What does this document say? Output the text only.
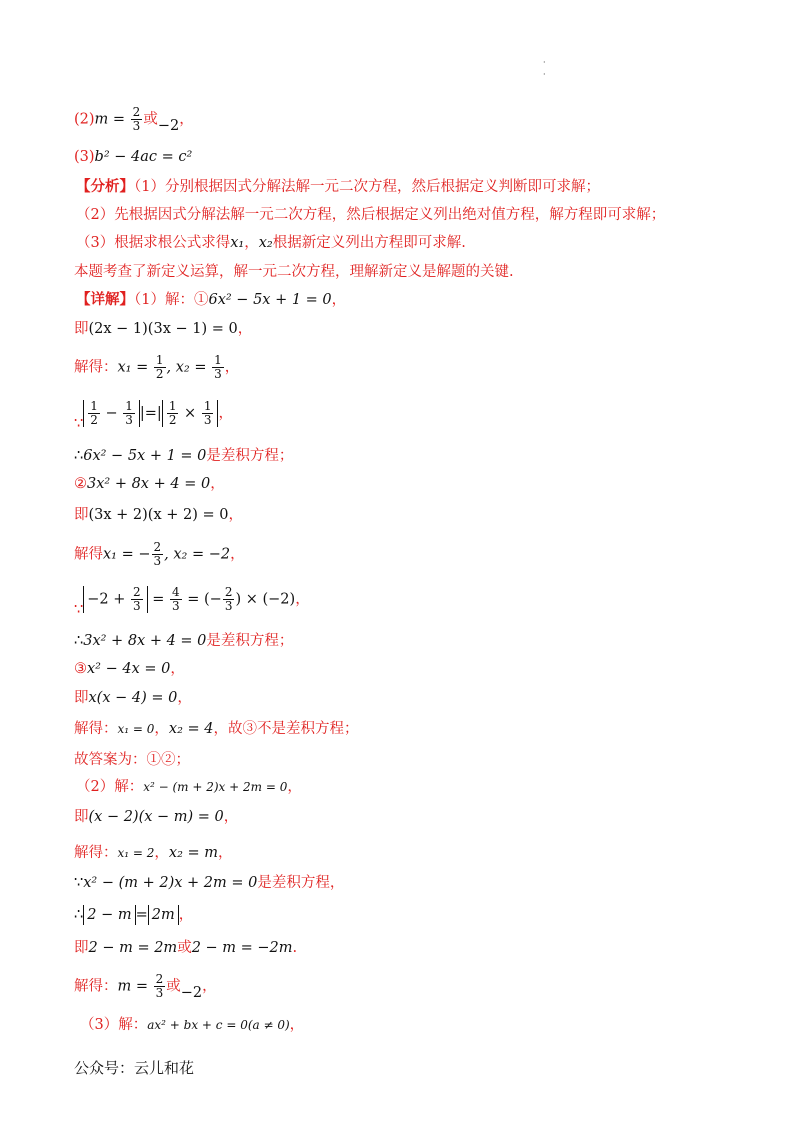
·
·
$(2)m = \frac{2}{3}$ 或−2，
(3)b² − 4ac = c²
【分析】（1）分别根据因式分解法解一元二次方程，然后根据定义判断即可求解；
（2）先根据因式分解法解一元二次方程，然后根据定义列出绝对值方程，解方程即可求解；
（3）根据求根公式求得x₁，x₂根据新定义列出方程即可求解.
本题考查了新定义运算，解一元二次方程，理解新定义是解题的关键.
【详解】（1）解：①6x² − 5x + 1 = 0，
即(2x − 1)(3x − 1) = 0，
解得：$x_1 = \frac{1}{2}$ , $x_2 = \frac{1}{3}$ ，
∵ $\frac{1}{2} - \frac{1}{3}$ |=| $\frac{1}{2} \times \frac{1}{3}$ ，
∴6x² − 5x + 1 = 0是差积方程；
②3x² + 8x + 4 = 0，
即(3x + 2)(x + 2) = 0，
解得x₁ = − $\frac{2}{3}$ , x₂ = −2，
∵−2 + $\frac{2}{3} = \frac{4}{3}$ = (− $\frac{2}{3}$ ) × (−2)，
∴3x² + 8x + 4 = 0是差积方程；
③x² − 4x = 0，
即x(x − 4) = 0，
解得：x₁ = 0，x₂ = 4，故③不是差积方程；
故答案为：①②；
（2）解：x² − (m + 2)x + 2m = 0，
即(x − 2)(x − m) = 0，
解得：x₁ = 2，x₂ = m，
∵x² − (m + 2)x + 2m = 0是差积方程，
∴ 2 − m = 2m ，
即2 − m = 2m或2 − m = −2m.
解得：$m = \frac{2}{3}$ 或−2，
（3）解：ax² + bx + c = 0(a ≠ 0)，
公众号：云儿和花
